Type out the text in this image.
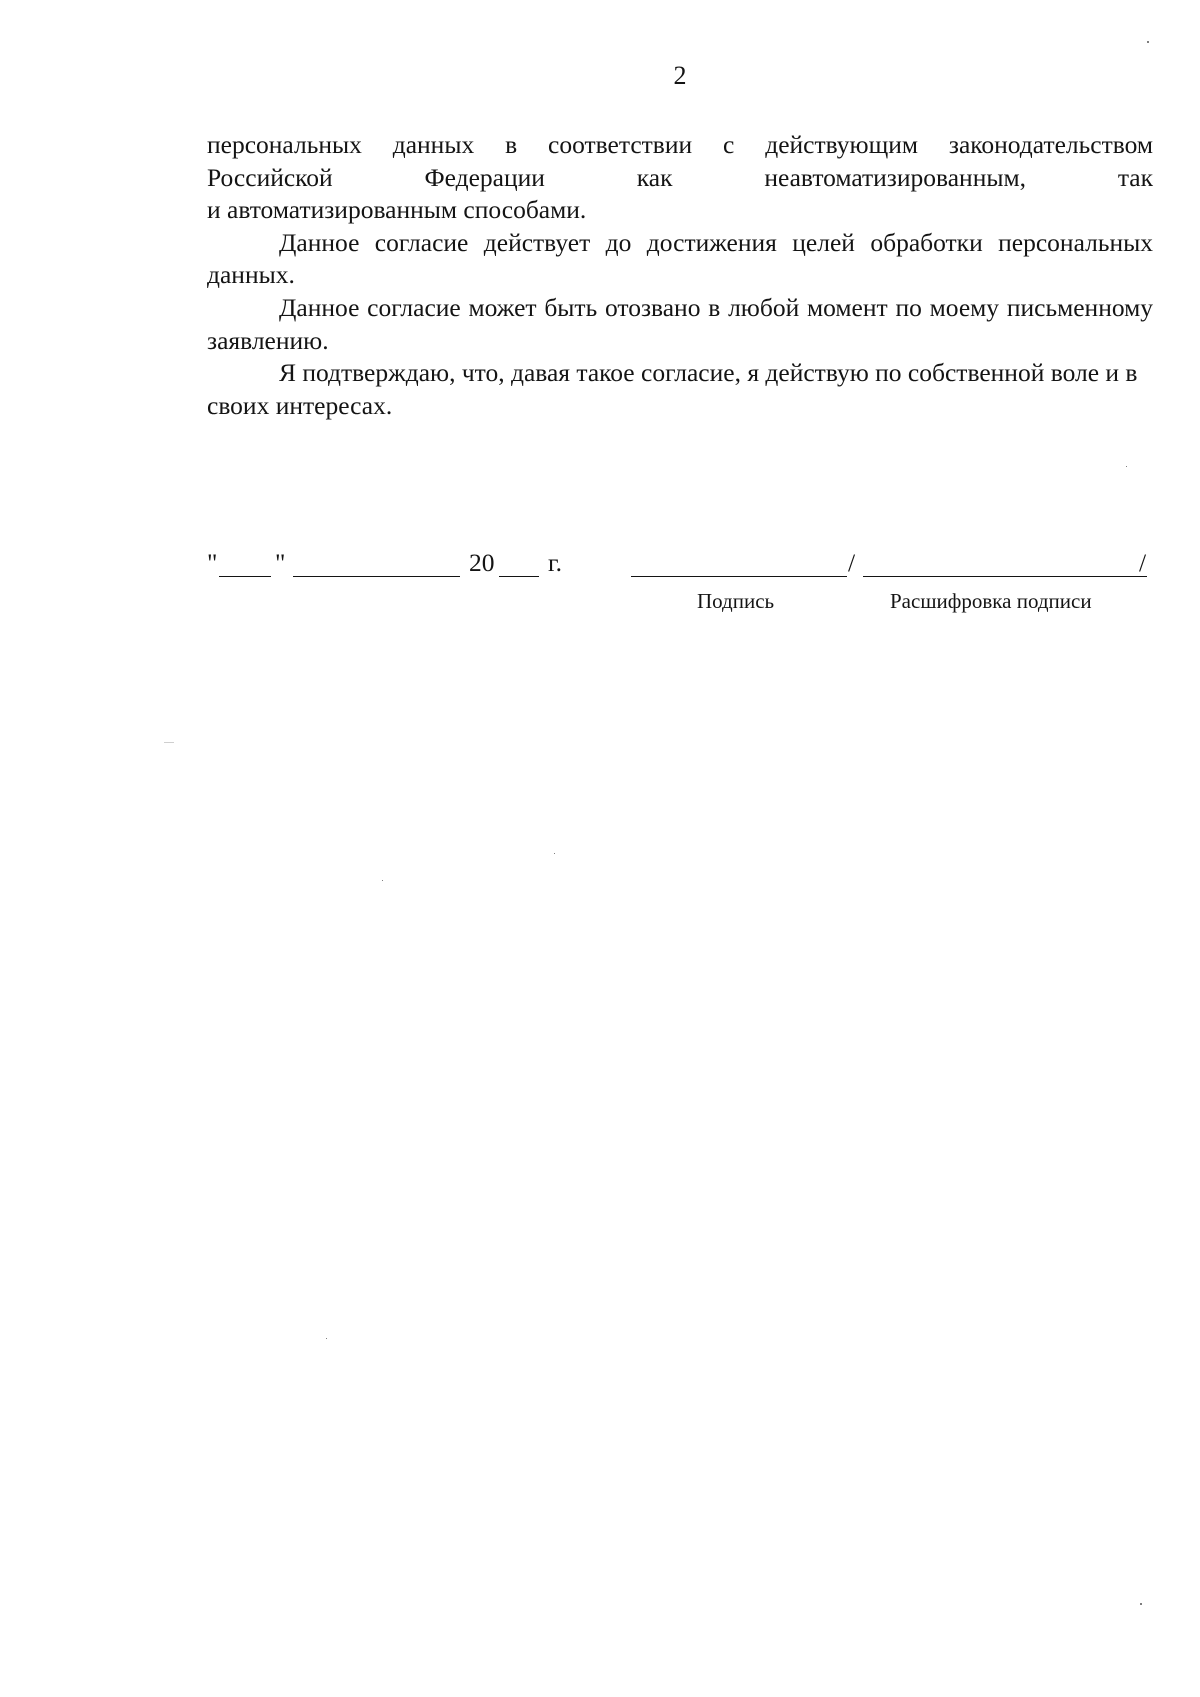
2

персональных данных в соответствии с действующим законодательством

Российской Федерации как неавтоматизированным, так

и автоматизированным способами.

Данное согласие действует до достижения целей обработки персональных данных.

Данное согласие может быть отозвано в любой момент по моему письменному заявлению.

Я подтверждаю, что, давая такое согласие, я действую по собственной воле и в своих интересах.

" "	20 г.	/	/
Подпись	Расшифровка подписи
